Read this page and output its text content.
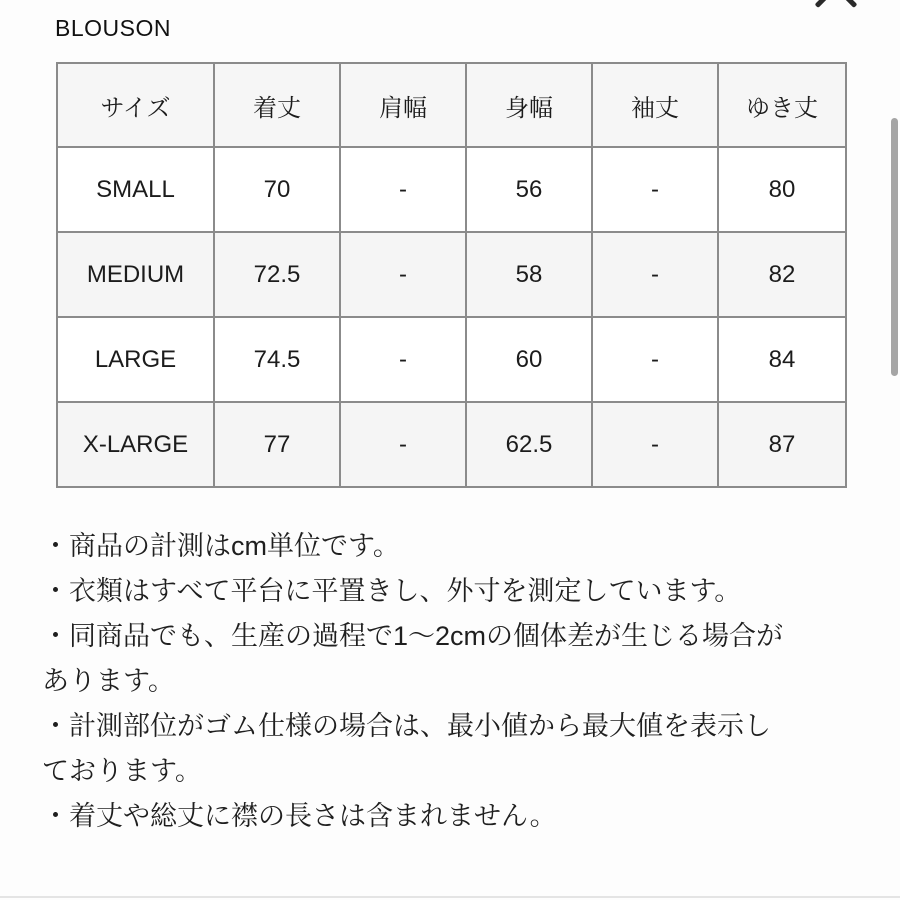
BLOUSON
サイズ	着丈	肩幅	身幅	袖丈	ゆき丈
SMALL	70	-	56	-	80
MEDIUM	72.5	-	58	-	82
LARGE	74.5	-	60	-	84
X-LARGE	77	-	62.5	-	87
・商品の計測はcm単位です。
・衣類はすべて平台に平置きし、外寸を測定しています。
・同商品でも、生産の過程で1〜2cmの個体差が生じる場合が
あります。
・計測部位がゴム仕様の場合は、最小値から最大値を表示し
ております。
・着丈や総丈に襟の長さは含まれません。
